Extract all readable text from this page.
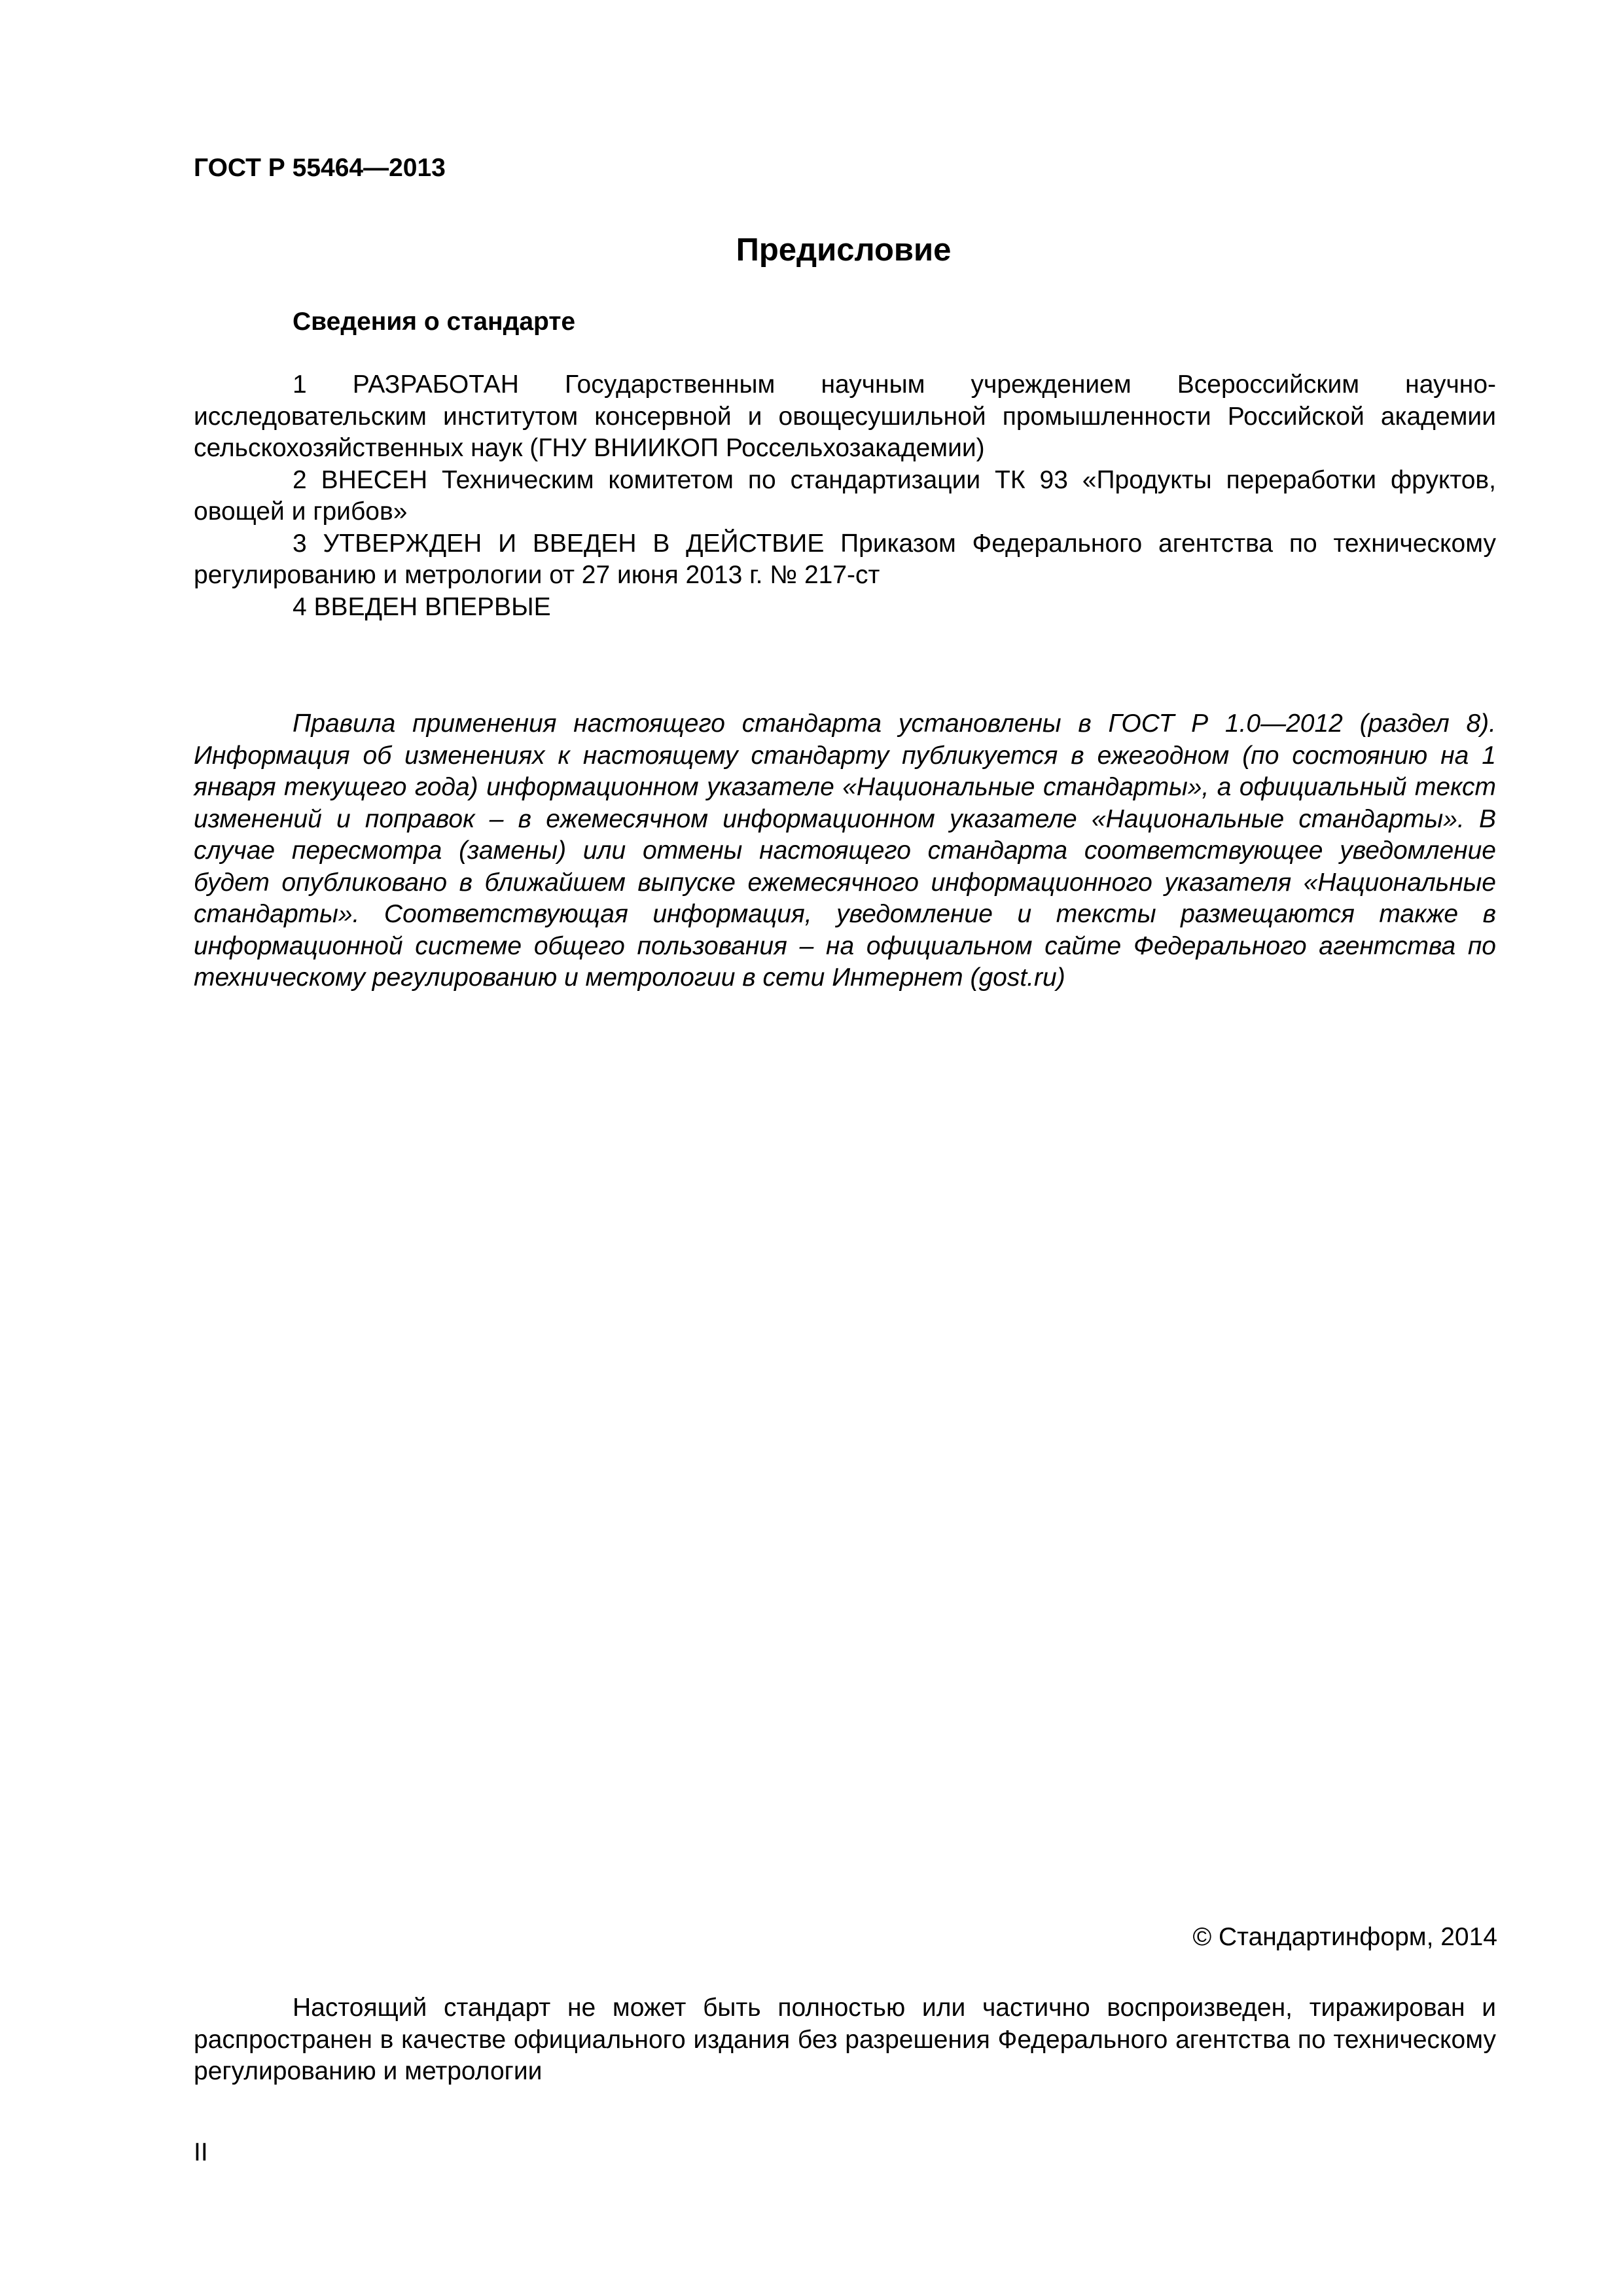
ГОСТ Р 55464—2013
Предисловие
Сведения о стандарте

1 РАЗРАБОТАН Государственным научным учреждением Всероссийским научно-исследовательским институтом консервной и овощесушильной промышленности Российской академии сельскохозяйственных наук (ГНУ ВНИИКОП Россельхозакадемии)

2 ВНЕСЕН Техническим комитетом по стандартизации ТК 93 «Продукты переработки фруктов, овощей и грибов»

3 УТВЕРЖДЕН И ВВЕДЕН В ДЕЙСТВИЕ Приказом Федерального агентства по техническому регулированию и метрологии от 27 июня 2013 г. № 217-ст

4 ВВЕДЕН ВПЕРВЫЕ

Правила применения настоящего стандарта установлены в ГОСТ Р 1.0—2012 (раздел 8). Информация об изменениях к настоящему стандарту публикуется в ежегодном (по состоянию на 1 января текущего года) информационном указателе «Национальные стандарты», а официальный текст изменений и поправок – в ежемесячном информационном указателе «Национальные стандарты». В случае пересмотра (замены) или отмены настоящего стандарта соответствующее уведомление будет опубликовано в ближайшем выпуске ежемесячного информационного указателя «Национальные стандарты». Соответствующая информация, уведомление и тексты размещаются также в информационной системе общего пользования – на официальном сайте Федерального агентства по техническому регулированию и метрологии в сети Интернет (gost.ru)

© Стандартинформ, 2014

Настоящий стандарт не может быть полностью или частично воспроизведен, тиражирован и распространен в качестве официального издания без разрешения Федерального агентства по техническому регулированию и метрологии

II
